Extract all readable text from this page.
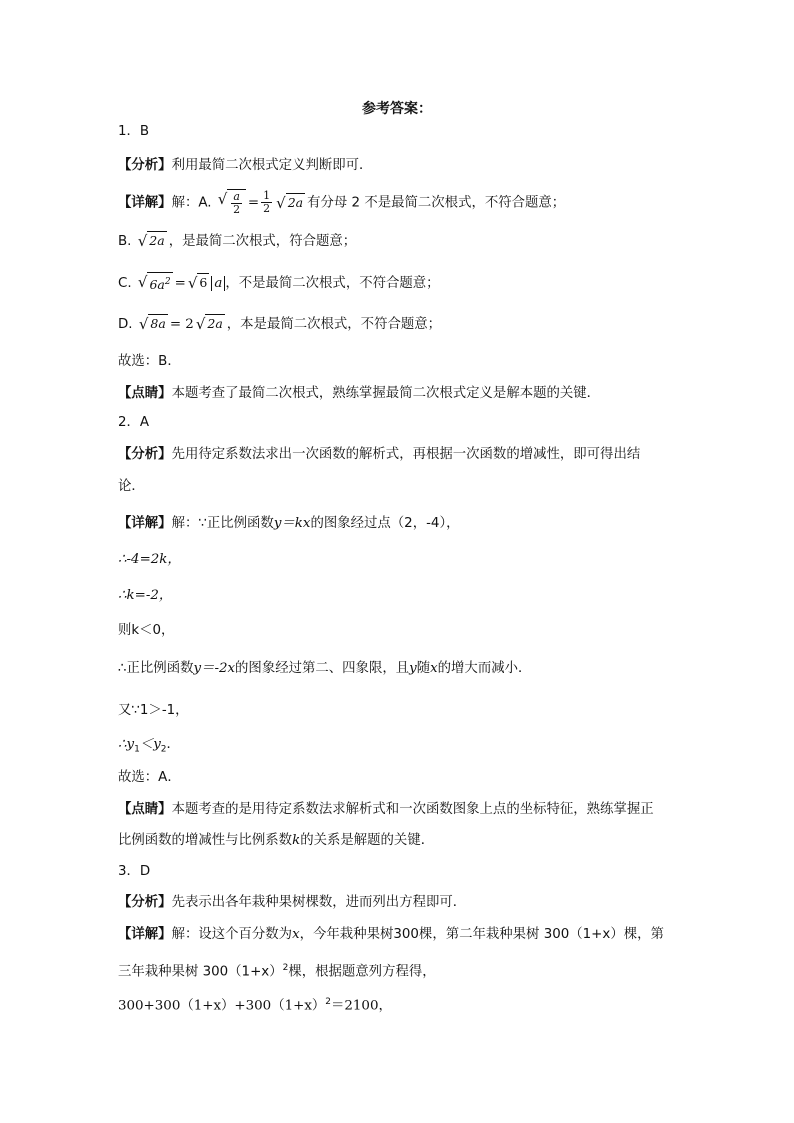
参考答案：
1．B
【分析】利用最简二次根式定义判断即可．
【详解】解：A. √ $\frac{a}{2} = \frac{1}{2}$ √ 2a 有分母 2 不是最简二次根式，不符合题意；
B. √ 2a ，是最简二次根式，符合题意；
C. √ $6a^2$ = √ 6 a ，不是最简二次根式，不符合题意；
D. √ 8a = 2 √ 2a ，本是最简二次根式，不符合题意；
故选：B．
【点睛】本题考查了最简二次根式，熟练掌握最简二次根式定义是解本题的关键．
2．A
【分析】先用待定系数法求出一次函数的解析式，再根据一次函数的增减性，即可得出结
论．
【详解】解：∵正比例函数y＝kx的图象经过点（2，-4），
∴-4=2k，
∴k=-2，
则k＜0，
∴正比例函数y＝-2x的图象经过第二、四象限，且y随x的增大而减小．
又∵1＞-1，
$\therefore y_1<y_2$．
故选：A．
【点睛】本题考查的是用待定系数法求解析式和一次函数图象上点的坐标特征，熟练掌握正
比例函数的增减性与比例系数k的关系是解题的关键．
3．D
【分析】先表示出各年栽种果树棵数，进而列出方程即可．
【详解】解：设这个百分数为x，今年栽种果树300棵，第二年栽种果树 300（1+x）棵，第
三年栽种果树 $300(1+x)^2$棵，根据题意列方程得，
$300+300(1+x)+300(1+x)^2=2100$，
